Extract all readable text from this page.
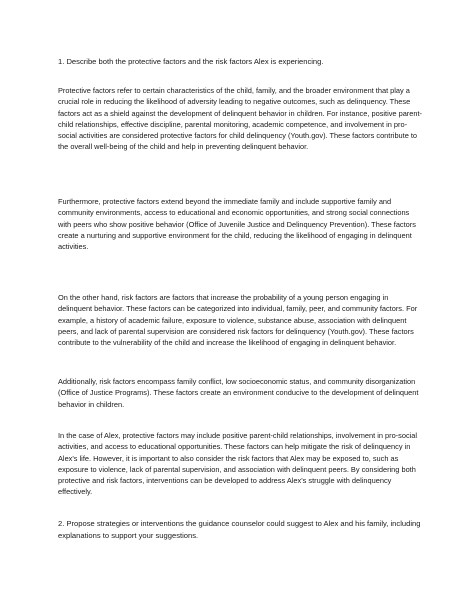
1. Describe both the protective factors and the risk factors Alex is experiencing.

Protective factors refer to certain characteristics of the child, family, and the broader environment that play a crucial role in reducing the likelihood of adversity leading to negative outcomes, such as delinquency. These factors act as a shield against the development of delinquent behavior in children. For instance, positive parent-child relationships, effective discipline, parental monitoring, academic competence, and involvement in pro-social activities are considered protective factors for child delinquency (Youth.gov). These factors contribute to the overall well-being of the child and help in preventing delinquent behavior.

Furthermore, protective factors extend beyond the immediate family and include supportive family and community environments, access to educational and economic opportunities, and strong social connections with peers who show positive behavior (Office of Juvenile Justice and Delinquency Prevention). These factors create a nurturing and supportive environment for the child, reducing the likelihood of engaging in delinquent activities.

On the other hand, risk factors are factors that increase the probability of a young person engaging in delinquent behavior. These factors can be categorized into individual, family, peer, and community factors. For example, a history of academic failure, exposure to violence, substance abuse, association with delinquent peers, and lack of parental supervision are considered risk factors for delinquency (Youth.gov). These factors contribute to the vulnerability of the child and increase the likelihood of engaging in delinquent behavior.

Additionally, risk factors encompass family conflict, low socioeconomic status, and community disorganization (Office of Justice Programs). These factors create an environment conducive to the development of delinquent behavior in children.

In the case of Alex, protective factors may include positive parent-child relationships, involvement in pro-social activities, and access to educational opportunities. These factors can help mitigate the risk of delinquency in Alex's life. However, it is important to also consider the risk factors that Alex may be exposed to, such as exposure to violence, lack of parental supervision, and association with delinquent peers. By considering both protective and risk factors, interventions can be developed to address Alex's struggle with delinquency effectively.

2. Propose strategies or interventions the guidance counselor could suggest to Alex and his family, including explanations to support your suggestions.
